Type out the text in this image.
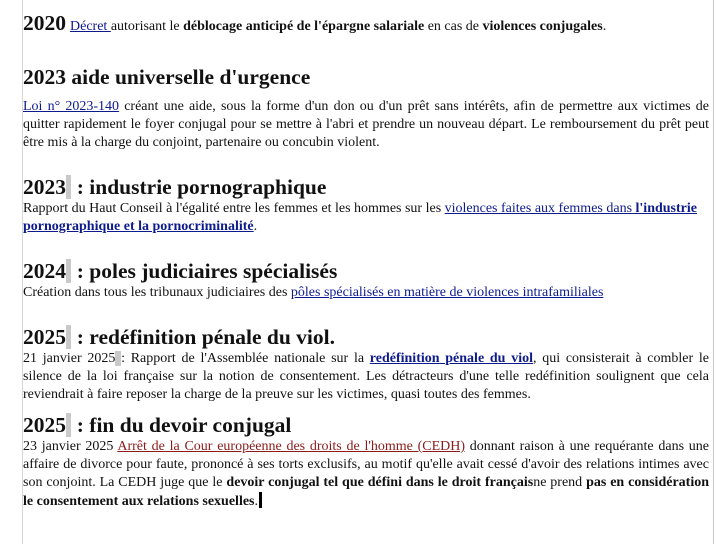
2020 Décret autorisant le déblocage anticipé de l'épargne salariale en cas de violences conjugales.
2023 aide universelle d'urgence

Loi n° 2023-140 créant une aide, sous la forme d'un don ou d'un prêt sans intérêts, afin de permettre aux victimes de quitter rapidement le foyer conjugal pour se mettre à l'abri et prendre un nouveau départ. Le remboursement du prêt peut être mis à la charge du conjoint, partenaire ou concubin violent.

2023  : industrie pornographique

Rapport du Haut Conseil à l'égalité entre les femmes et les hommes sur les violences faites aux femmes dans l'industrie pornographique et la pornocriminalité.

2024  : poles judiciaires spécialisés

Création dans tous les tribunaux judiciaires des pôles spécialisés en matière de violences intrafamiliales

2025  : redéfinition pénale du viol.

21 janvier 2025 : Rapport de l'Assemblée nationale sur la redéfinition pénale du viol, qui consisterait à combler le silence de la loi française sur la notion de consentement. Les détracteurs d'une telle redéfinition soulignent que cela reviendrait à faire reposer la charge de la preuve sur les victimes, quasi toutes des femmes.

2025  : fin du devoir conjugal

23 janvier 2025 Arrêt de la Cour européenne des droits de l'homme (CEDH) donnant raison à une requérante dans une affaire de divorce pour faute, prononcé à ses torts exclusifs, au motif qu'elle avait cessé d'avoir des relations intimes avec son conjoint. La CEDH juge que le devoir conjugal tel que défini dans le droit françaisne prend pas en considération le consentement aux relations sexuelles.
